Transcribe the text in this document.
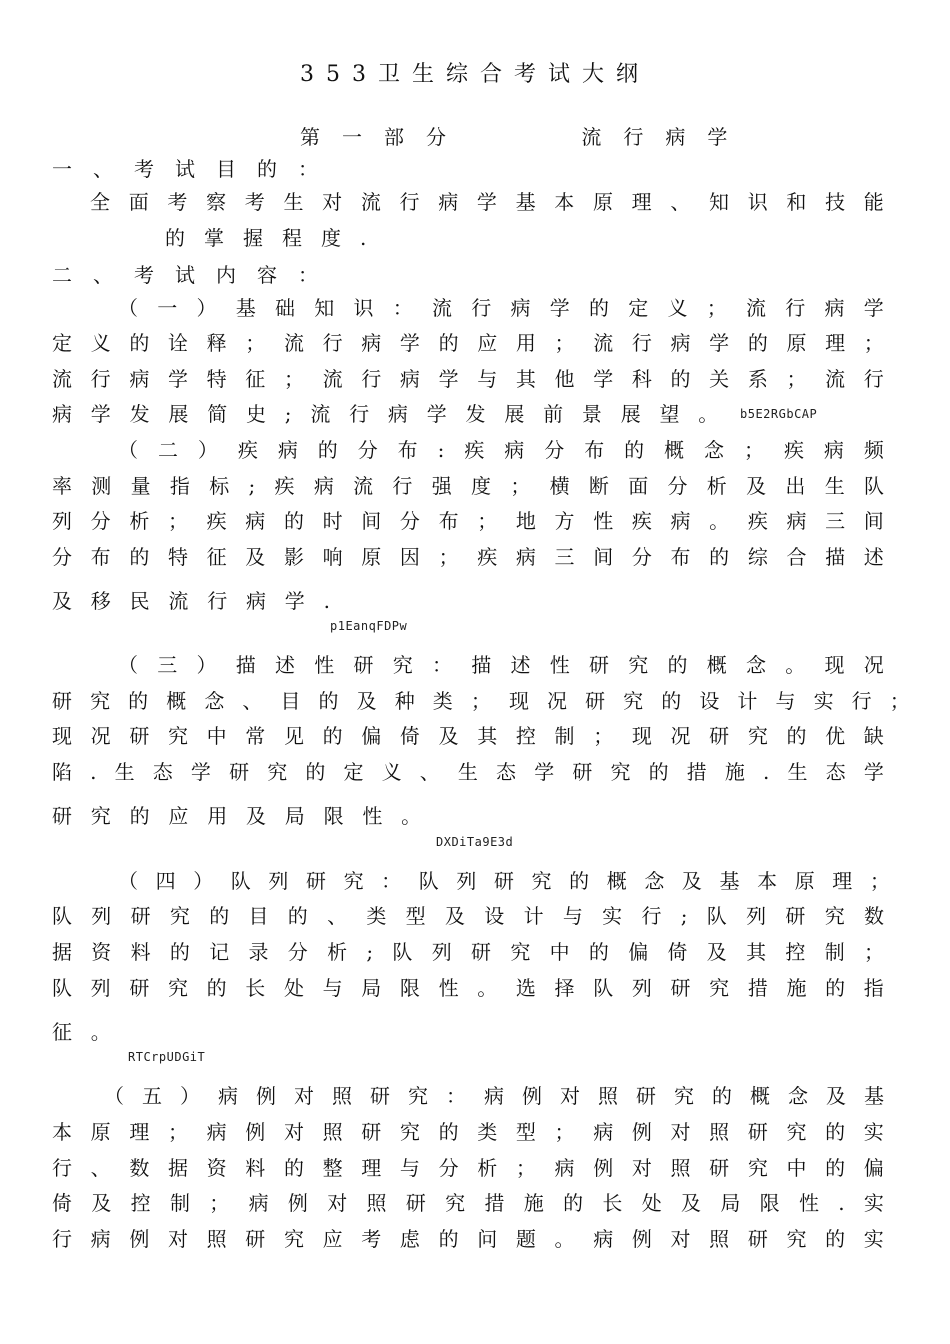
353卫生综合考试大纲
第一部分    流行病学
一、考试目的：
全 面 考 察 考 生 对 流 行 病 学 基 本 原 理 、 知 识 和 技 能
的 掌 握 程 度 .
二、考试内容：
（ 一 ） 基 础 知 识 ： 流 行 病 学 的 定 义 ； 流 行 病 学
定 义 的 诠 释 ； 流 行 病 学 的 应 用 ； 流 行 病 学 的 原 理 ；
流 行 病 学 特 征 ； 流 行 病 学 与 其 他 学 科 的 关 系 ； 流 行
病 学 发 展 简 史 ; 流 行 病 学 发 展 前 景 展 望 。 b5E2RGbCAP
（ 二 ） 疾 病 的 分 布 : 疾 病 分 布 的 概 念 ； 疾 病 频
率 测 量 指 标 ; 疾 病 流 行 强 度 ； 横 断 面 分 析 及 出 生 队
列 分 析 ； 疾 病 的 时 间 分 布 ； 地 方 性 疾 病 。 疾 病 三 间
分 布 的 特 征 及 影 响 原 因 ； 疾 病 三 间 分 布 的 综 合 描 述
及 移 民 流 行 病 学 .
p1EanqFDPw
（ 三 ） 描 述 性 研 究 ： 描 述 性 研 究 的 概 念 。 现 况
研 究 的 概 念 、 目 的 及 种 类 ； 现 况 研 究 的 设 计 与 实 行 ；
现 况 研 究 中 常 见 的 偏 倚 及 其 控 制 ； 现 况 研 究 的 优 缺
陷 . 生 态 学 研 究 的 定 义 、 生 态 学 研 究 的 措 施 . 生 态 学
研 究 的 应 用 及 局 限 性 。
DXDiTa9E3d
（ 四 ） 队 列 研 究 ： 队 列 研 究 的 概 念 及 基 本 原 理 ；
队 列 研 究 的 目 的 、 类 型 及 设 计 与 实 行 ; 队 列 研 究 数
据 资 料 的 记 录 分 析 ; 队 列 研 究 中 的 偏 倚 及 其 控 制 ；
队 列 研 究 的 长 处 与 局 限 性 。 选 择 队 列 研 究 措 施 的 指
征 。
RTCrpUDGiT
（ 五 ） 病 例 对 照 研 究 ： 病 例 对 照 研 究 的 概 念 及 基
本 原 理 ； 病 例 对 照 研 究 的 类 型 ； 病 例 对 照 研 究 的 实
行 、 数 据 资 料 的 整 理 与 分 析 ； 病 例 对 照 研 究 中 的 偏
倚 及 控 制 ； 病 例 对 照 研 究 措 施 的 长 处 及 局 限 性 . 实
行 病 例 对 照 研 究 应 考 虑 的 问 题 。 病 例 对 照 研 究 的 实
